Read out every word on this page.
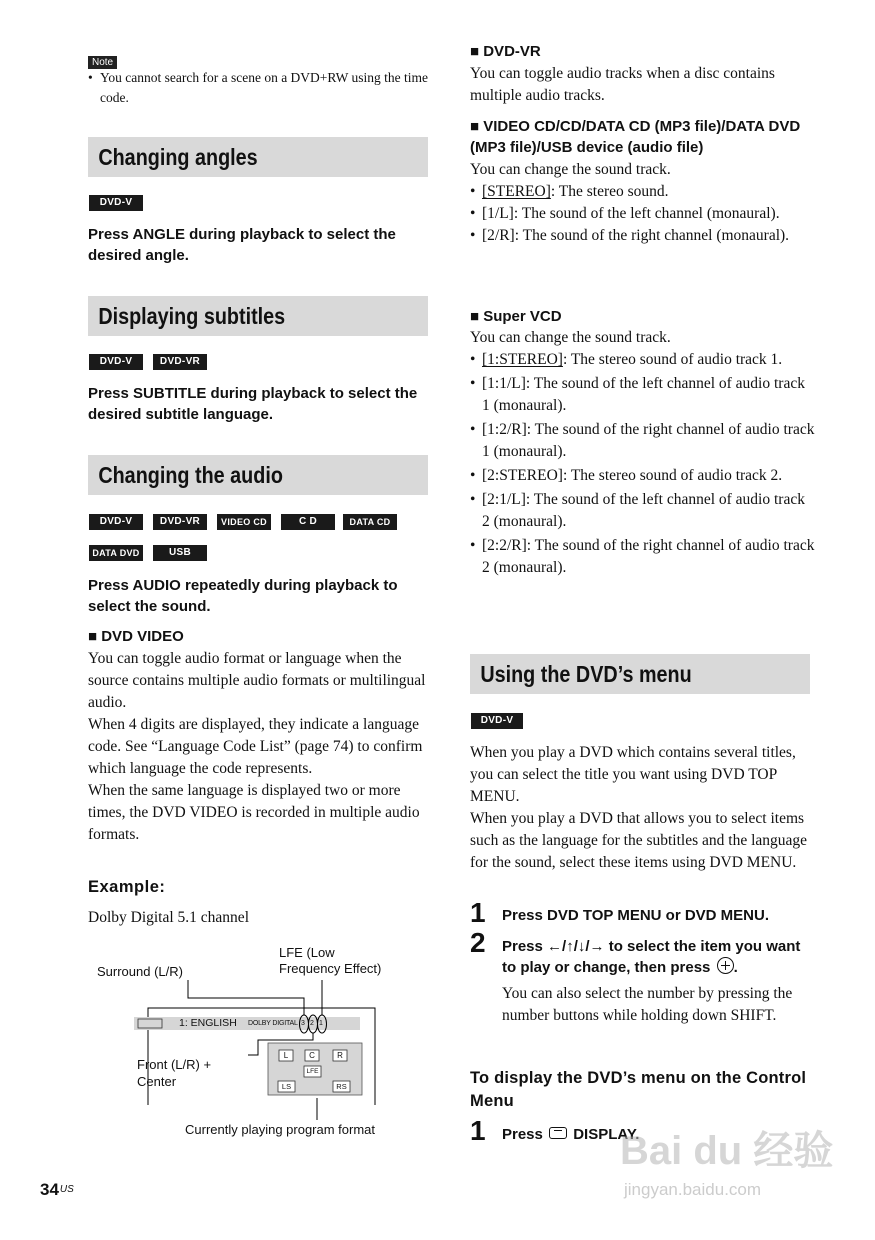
Note
• You cannot search for a scene on a DVD+RW using the time code.
Changing angles
DVD-V
Press ANGLE during playback to select the desired angle.
Displaying subtitles
DVD-V	DVD-VR
Press SUBTITLE during playback to select the desired subtitle language.
Changing the audio
DVD-V	DVD-VR	VIDEO CD	C D	DATA CD
DATA DVD	USB
Press AUDIO repeatedly during playback to select the sound.
■ DVD VIDEO
You can toggle audio format or language when the source contains multiple audio formats or multilingual audio.
When 4 digits are displayed, they indicate a language code. See “Language Code List” (page 74) to confirm which language the code represents.
When the same language is displayed two or more times, the DVD VIDEO is recorded in multiple audio formats.
Example:
Dolby Digital 5.1 channel
Surround (L/R)
LFE (Low
Frequency Effect)
Front (L/R) +
Center
Currently playing program format
1: ENGLISH DOLBY DIGITAL 3 2 1
L	C	R
LFE
LS	RS
$34^{US}$
■ DVD-VR
You can toggle audio tracks when a disc contains multiple audio tracks.
■ VIDEO CD/CD/DATA CD (MP3 file)/DATA DVD (MP3 file)/USB device (audio file)
You can change the sound track.
• [STEREO]: The stereo sound.
• [1/L]: The sound of the left channel (monaural).
• [2/R]: The sound of the right channel (monaural).
■ Super VCD
You can change the sound track.
• [1:STEREO]: The stereo sound of audio track 1.
• [1:1/L]: The sound of the left channel of audio track 1 (monaural).
• [1:2/R]: The sound of the right channel of audio track 1 (monaural).
• [2:STEREO]: The stereo sound of audio track 2.
• [2:1/L]: The sound of the left channel of audio track 2 (monaural).
• [2:2/R]: The sound of the right channel of audio track 2 (monaural).
Using the DVD’s menu
DVD-V
When you play a DVD which contains several titles, you can select the title you want using DVD TOP MENU.
When you play a DVD that allows you to select items such as the language for the subtitles and the language for the sound, select these items using DVD MENU.
1 Press DVD TOP MENU or DVD MENU.
2 Press ←/↑/↓/→ to select the item you want to play or change, then press .
You can also select the number by pressing the number buttons while holding down SHIFT.
To display the DVD’s menu on the Control Menu
1 Press DISPLAY.
Bai du 经验
jingyan.baidu.com
